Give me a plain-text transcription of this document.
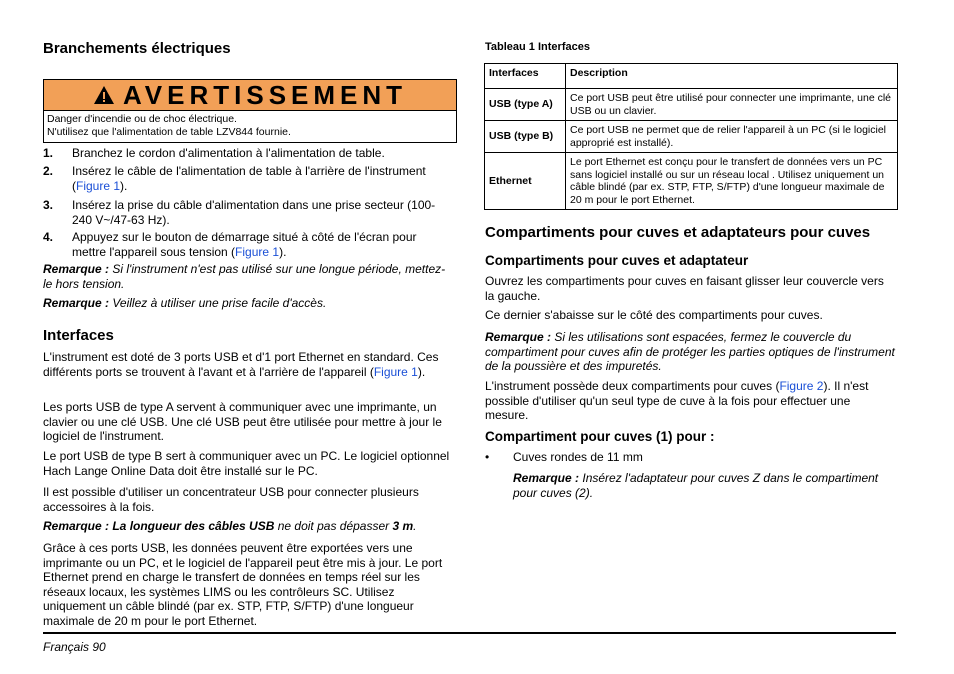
Branchements électriques
AVERTISSEMENT
Danger d'incendie ou de choc électrique.
N'utilisez que l'alimentation de table LZV844 fournie.
1. Branchez le cordon d'alimentation à l'alimentation de table.
2. Insérez le câble de l'alimentation de table à l'arrière de l'instrument (Figure 1).
3. Insérez la prise du câble d'alimentation dans une prise secteur (100-240 V~/47-63 Hz).
4. Appuyez sur le bouton de démarrage situé à côté de l'écran pour mettre l'appareil sous tension (Figure 1).

Remarque : Si l'instrument n'est pas utilisé sur une longue période, mettez-le hors tension.

Remarque : Veillez à utiliser une prise facile d'accès.

Interfaces

L'instrument est doté de 3 ports USB et d'1 port Ethernet en standard. Ces différents ports se trouvent à l'avant et à l'arrière de l'appareil (Figure 1).

Les ports USB de type A servent à communiquer avec une imprimante, un clavier ou une clé USB. Une clé USB peut être utilisée pour mettre à jour le logiciel de l'instrument.

Le port USB de type B sert à communiquer avec un PC. Le logiciel optionnel Hach Lange Online Data doit être installé sur le PC.

Il est possible d'utiliser un concentrateur USB pour connecter plusieurs accessoires à la fois.

Remarque : La longueur des câbles USB ne doit pas dépasser 3 m.

Grâce à ces ports USB, les données peuvent être exportées vers une imprimante ou un PC, et le logiciel de l'appareil peut être mis à jour. Le port Ethernet prend en charge le transfert de données en temps réel sur les réseaux locaux, les systèmes LIMS ou les contrôleurs SC. Utilisez uniquement un câble blindé (par ex. STP, FTP, S/FTP) d'une longueur maximale de 20 m pour le port Ethernet.

Tableau 1 Interfaces
Interfaces	Description
USB (type A)	Ce port USB peut être utilisé pour connecter une imprimante, une clé USB ou un clavier.
USB (type B)	Ce port USB ne permet que de relier l'appareil à un PC (si le logiciel approprié est installé).
Ethernet	Le port Ethernet est conçu pour le transfert de données vers un PC sans logiciel installé ou sur un réseau local . Utilisez uniquement un câble blindé (par ex. STP, FTP, S/FTP) d'une longueur maximale de 20 m pour le port Ethernet.
Compartiments pour cuves et adaptateurs pour cuves
Compartiments pour cuves et adaptateur

Ouvrez les compartiments pour cuves en faisant glisser leur couvercle vers la gauche.

Ce dernier s'abaisse sur le côté des compartiments pour cuves.

Remarque : Si les utilisations sont espacées, fermez le couvercle du compartiment pour cuves afin de protéger les parties optiques de l'instrument de la poussière et des impuretés.

L'instrument possède deux compartiments pour cuves (Figure 2). Il n'est possible d'utiliser qu'un seul type de cuve à la fois pour effectuer une mesure.

Compartiment pour cuves (1) pour :
• Cuves rondes de 11 mm

Remarque : Insérez l'adaptateur pour cuves Z dans le compartiment pour cuves (2).

Français 90
